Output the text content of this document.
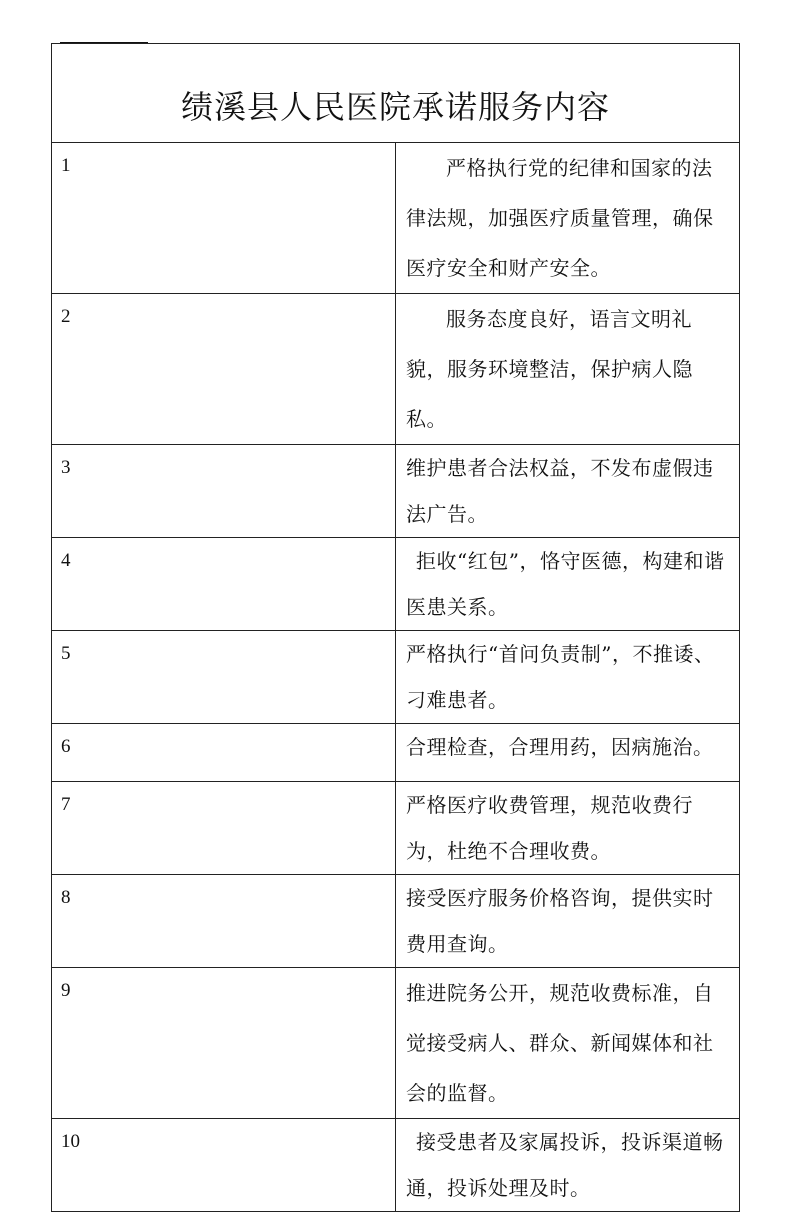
绩溪县人民医院承诺服务内容	
1	严格执行党的纪律和国家的法律法规，加强医疗质量管理，确保医疗安全和财产安全。

2	服务态度良好，语言文明礼貌，服务环境整洁，保护病人隐私。

3	维护患者合法权益，不发布虚假违法广告。

4	拒收“红包”，恪守医德，构建和谐医患关系。

5	严格执行“首问负责制”，不推诿、刁难患者。

6	合理检查，合理用药，因病施治。

7	严格医疗收费管理，规范收费行为，杜绝不合理收费。

8	接受医疗服务价格咨询，提供实时费用查询。

9	推进院务公开，规范收费标准，自觉接受病人、群众、新闻媒体和社会的监督。

10	接受患者及家属投诉，投诉渠道畅通，投诉处理及时。
